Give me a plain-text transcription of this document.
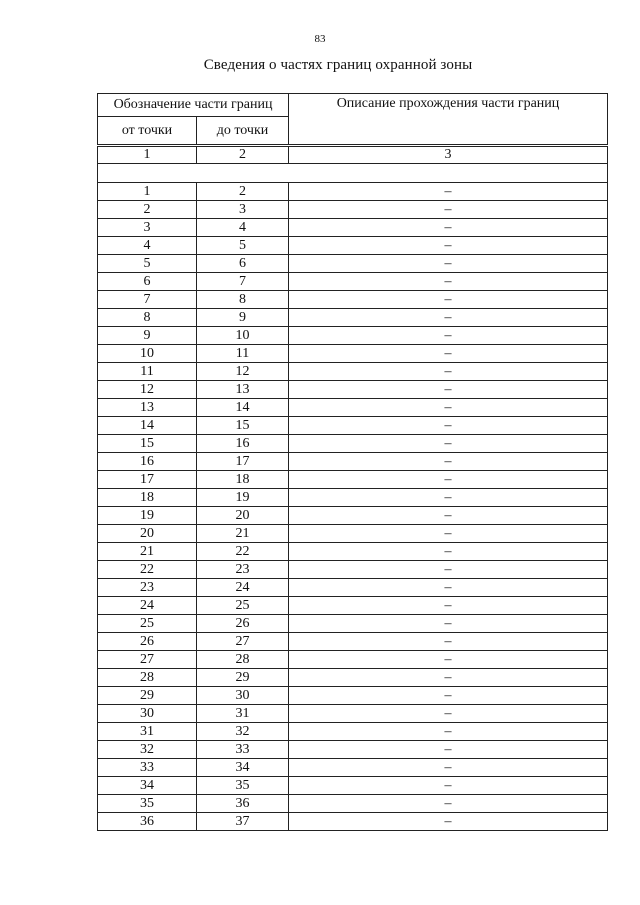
83
Сведения о частях границ охранной зоны
Обозначение части границ		Описание прохождения части границ
от точки	до точки	
1	2	3

1	2	–
2	3	–
3	4	–
4	5	–
5	6	–
6	7	–
7	8	–
8	9	–
9	10	–
10	11	–
11	12	–
12	13	–
13	14	–
14	15	–
15	16	–
16	17	–
17	18	–
18	19	–
19	20	–
20	21	–
21	22	–
22	23	–
23	24	–
24	25	–
25	26	–
26	27	–
27	28	–
28	29	–
29	30	–
30	31	–
31	32	–
32	33	–
33	34	–
34	35	–
35	36	–
36	37	–
